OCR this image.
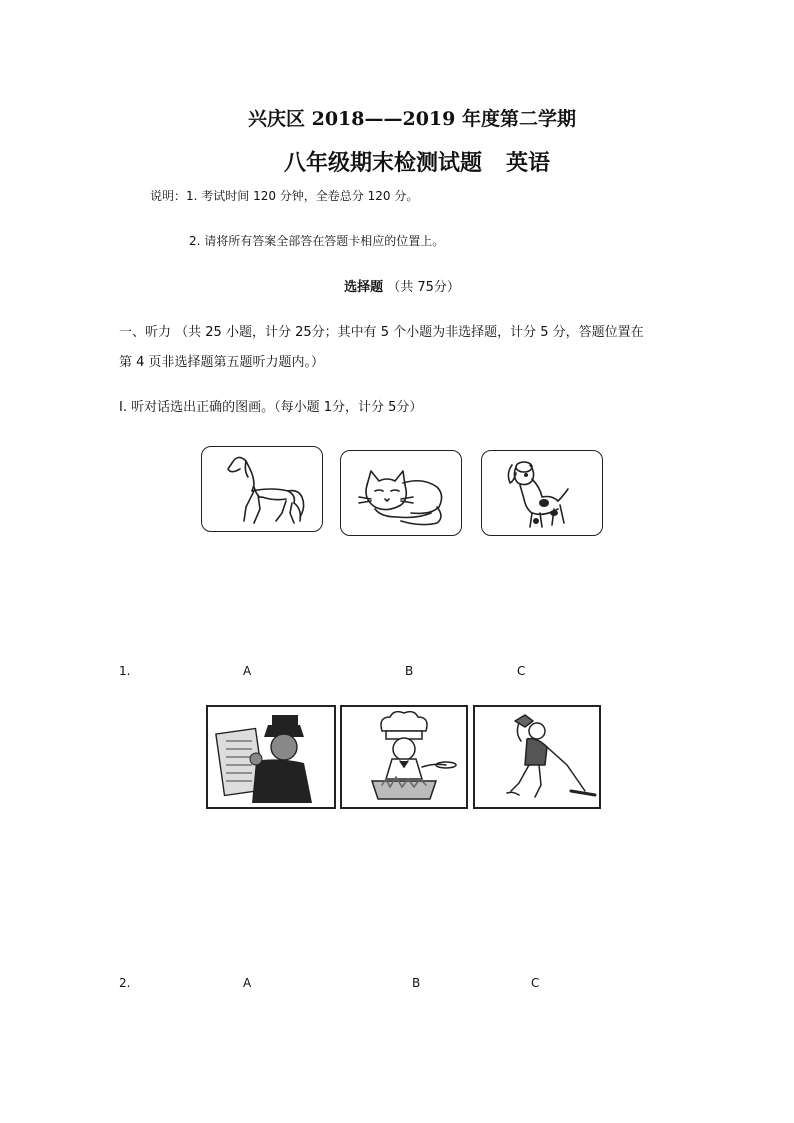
兴庆区 2018——2019 年度第二学期
八年级期末检测试题 英语
说明：1. 考试时间 120 分钟，全卷总分 120 分。
2. 请将所有答案全部答在答题卡相应的位置上。
选择题 （共 75分）
一、听力 （共 25 小题，计分 25分；其中有 5 个小题为非选择题，计分 5 分，答题位置在
第 4 页非选择题第五题听力题内。）
I. 听对话选出正确的图画。（每小题 1分，计分 5分）
1.	A	B	C
2.	A	B	C
